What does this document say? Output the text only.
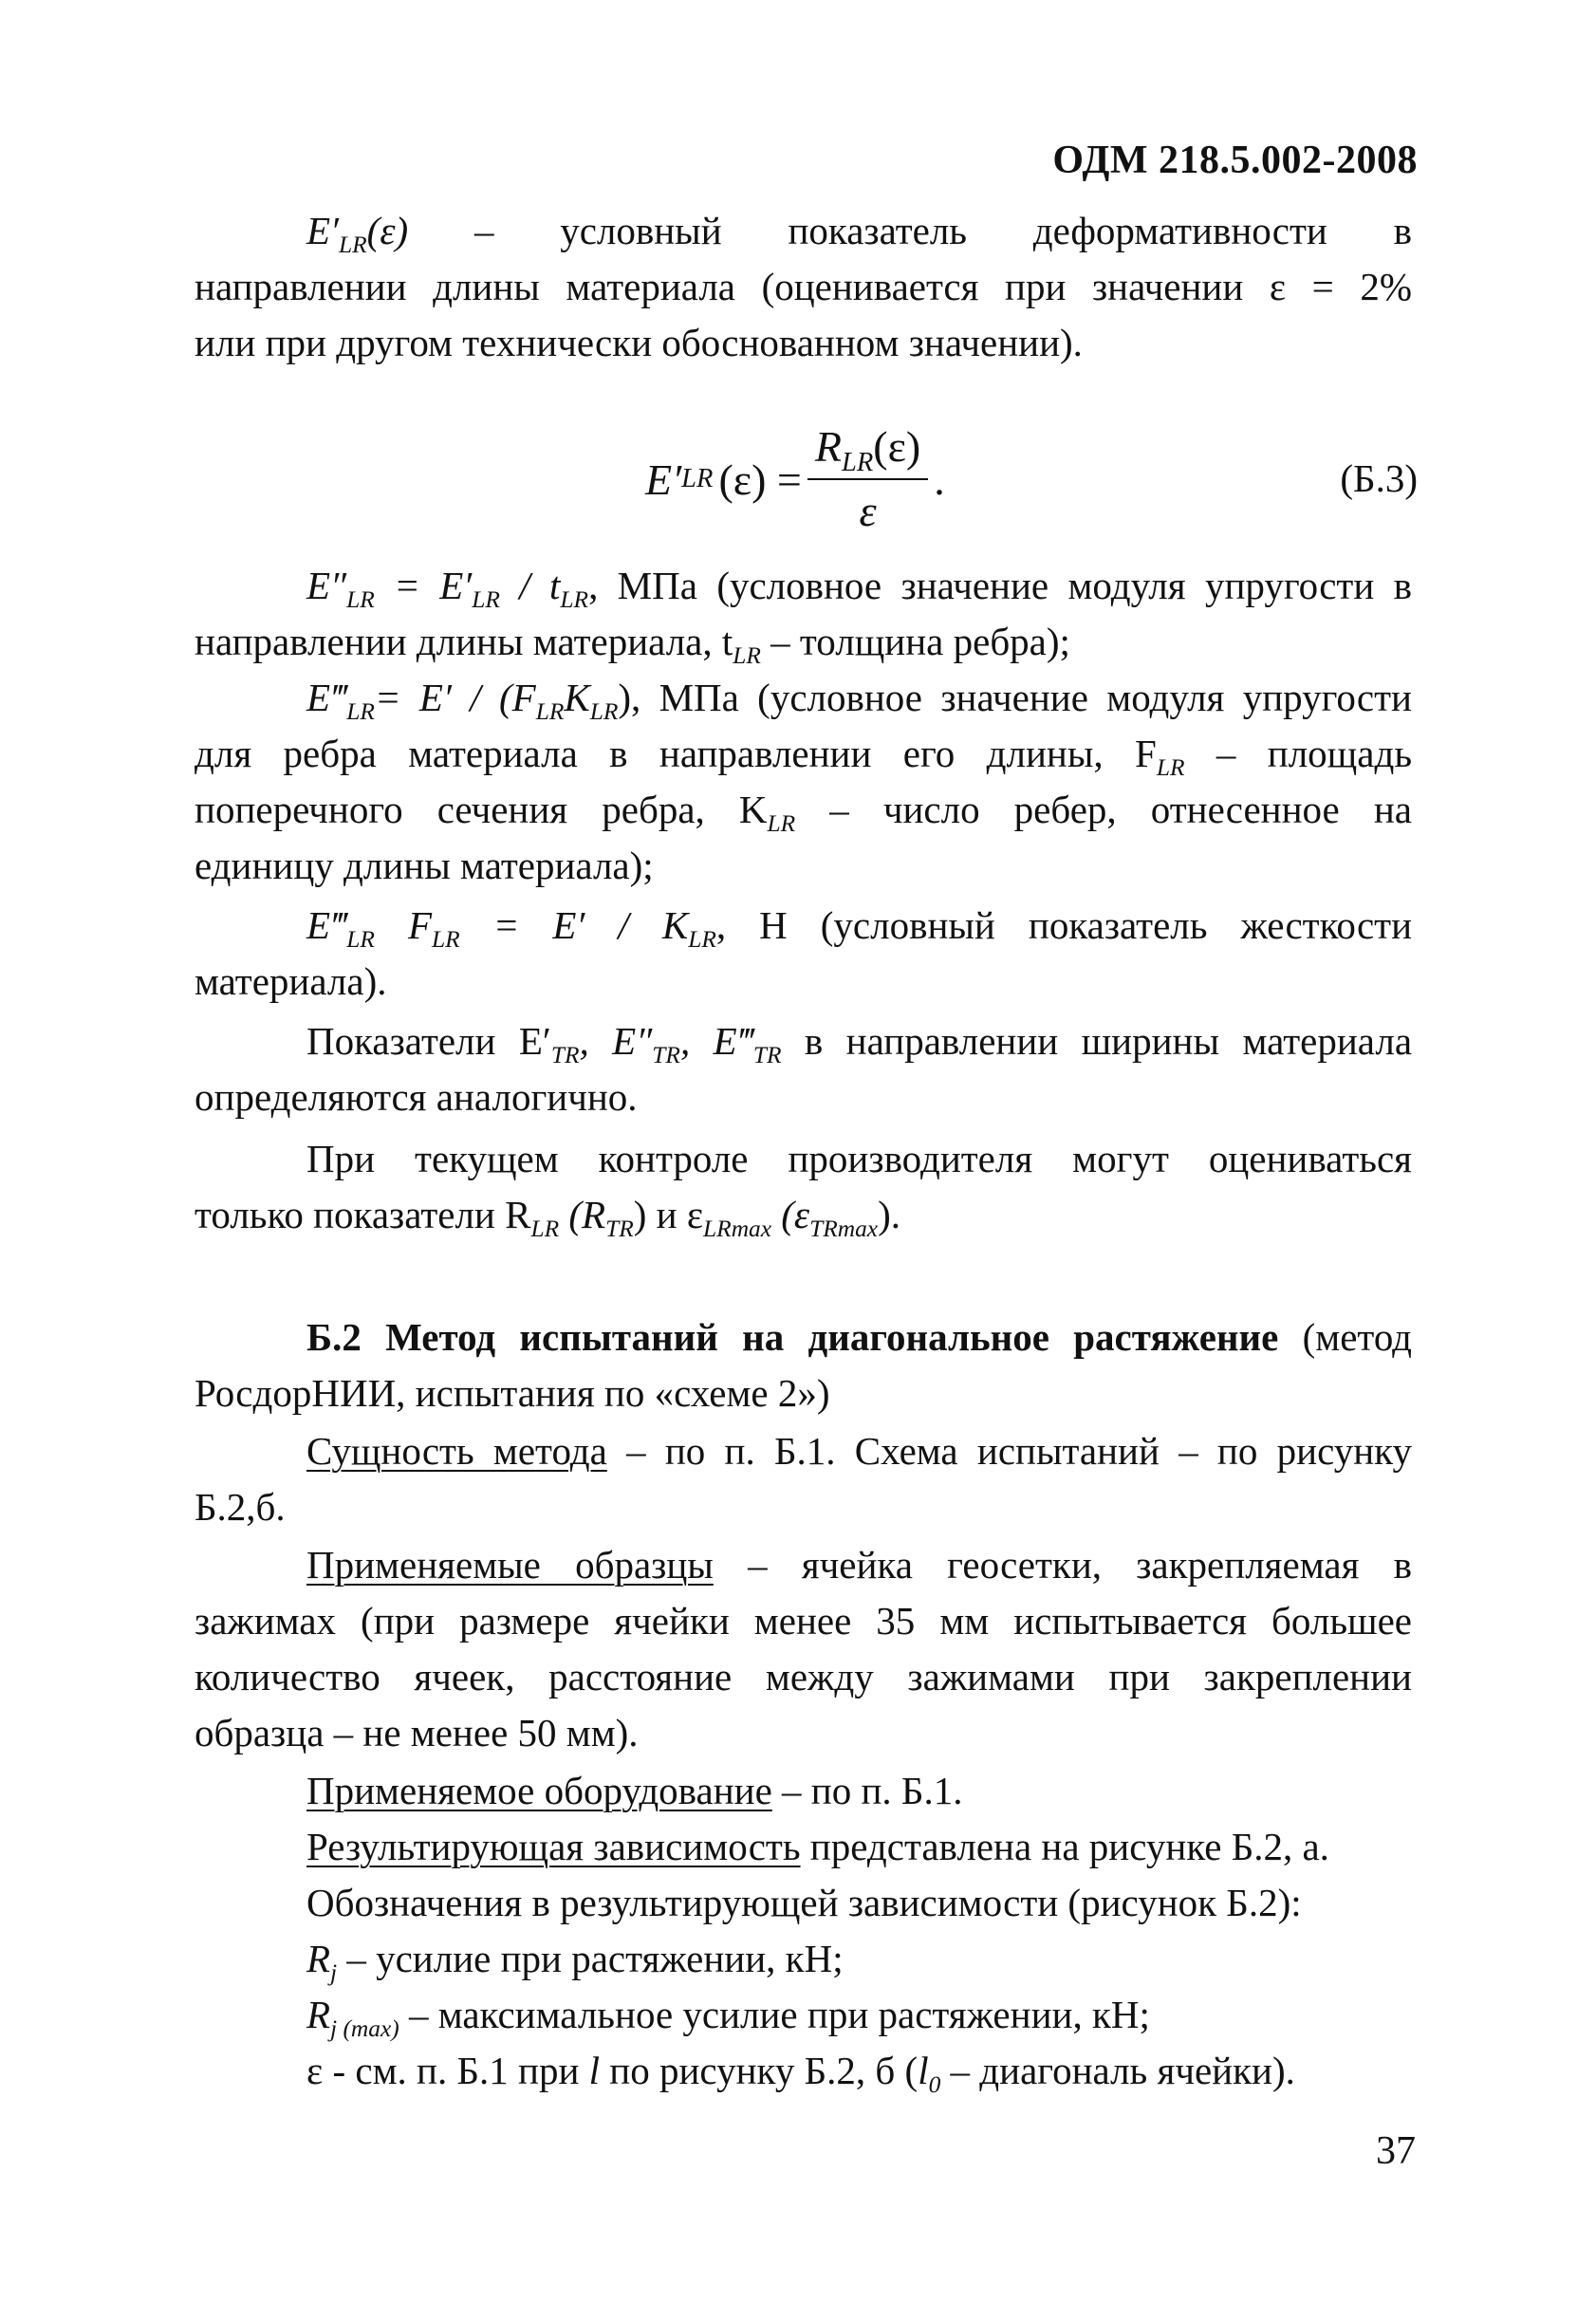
ОДМ 218.5.002-2008
$E'_{LR}(\varepsilon)$ – условный показатель деформативности в
направлении длины материала (оценивается при значении ε = 2%
или при другом технически обоснованном значении).
E′ LR $(\varepsilon) = \frac{R_{LR}(\varepsilon)}{\varepsilon}$ .	(Б.3)
$E''_{LR} = E'_{LR} / t_{LR}$, МПа (условное значение модуля упругости в
направлении длины материала, $t_{LR}$ – толщина ребра);
$E‴_{LR}= E' / (F_{LR}K_{LR})$, МПа (условное значение модуля упругости
для ребра материала в направлении его длины, $F_{LR}$ – площадь
поперечного сечения ребра, $K_{LR}$ – число ребер, отнесенное на
единицу длины материала);
$E‴_{LR}$ $F_{LR} = E' / K_{LR}$, Н (условный показатель жесткости
материала).
Показатели $E'_{TR}$, $E''_{TR}$, $E‴_{TR}$ в направлении ширины материала
определяются аналогично.
При текущем контроле производителя могут оцениваться
только показатели $R_{LR}$ $(R_{TR})$ и $\varepsilon_{LRmax}$ $(\varepsilon_{TRmax})$.
Б.2 Метод испытаний на диагональное растяжение (метод
РосдорНИИ, испытания по «схеме 2»)
Сущность метода – по п. Б.1. Схема испытаний – по рисунку
Б.2,б.
Применяемые образцы – ячейка геосетки, закрепляемая в
зажимах (при размере ячейки менее 35 мм испытывается большее
количество ячеек, расстояние между зажимами при закреплении
образца – не менее 50 мм).
Применяемое оборудование – по п. Б.1.
Результирующая зависимость представлена на рисунке Б.2, а.
Обозначения в результирующей зависимости (рисунок Б.2):
$R_j$ – усилие при растяжении, кН;
$R_{j (max)}$ – максимальное усилие при растяжении, кН;
ε - см. п. Б.1 при l по рисунку Б.2, б ($l_0$ – диагональ ячейки).
37
